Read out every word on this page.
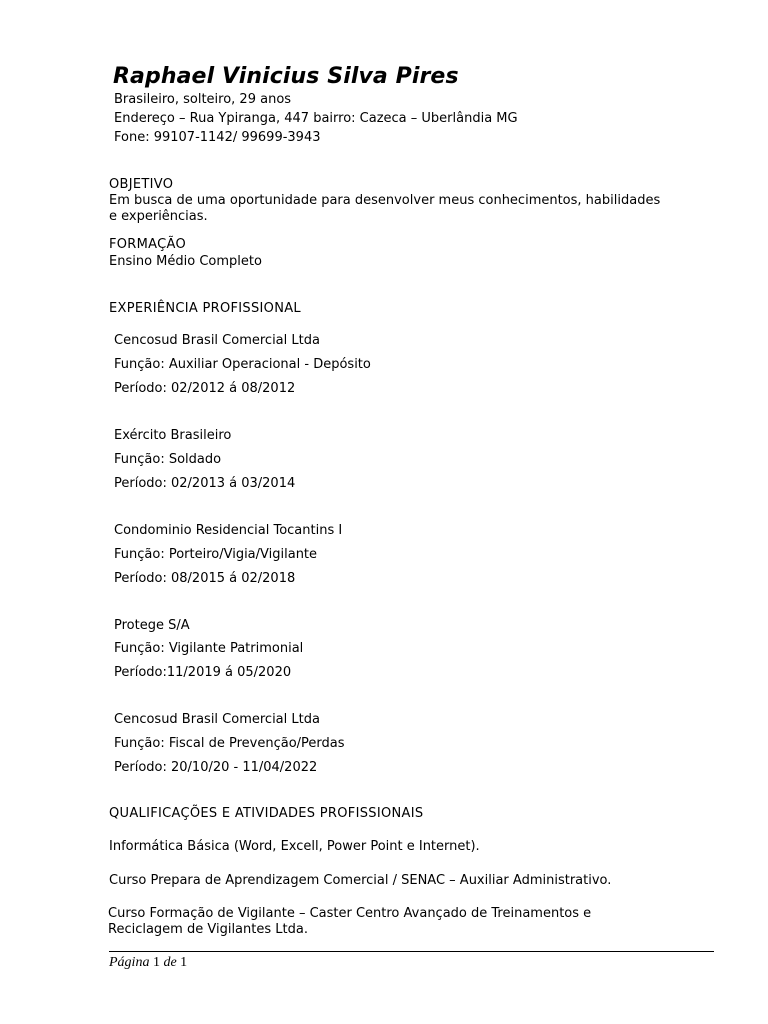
Raphael Vinicius Silva Pires
Brasileiro, solteiro, 29 anos
Endereço – Rua Ypiranga, 447 bairro: Cazeca – Uberlândia MG
Fone: 99107-1142/ 99699-3943
OBJETIVO
Em busca de uma oportunidade para desenvolver meus conhecimentos, habilidades
e experiências.
FORMAÇÃO
Ensino Médio Completo
EXPERIÊNCIA PROFISSIONAL
Cencosud Brasil Comercial Ltda
Função: Auxiliar Operacional - Depósito
Período: 02/2012 á 08/2012
Exército Brasileiro
Função: Soldado
Período: 02/2013 á 03/2014
Condominio Residencial Tocantins I
Função: Porteiro/Vigia/Vigilante
Período: 08/2015 á 02/2018
Protege S/A
Função: Vigilante Patrimonial
Período:11/2019 á 05/2020
Cencosud Brasil Comercial Ltda
Função: Fiscal de Prevenção/Perdas
Período: 20/10/20 - 11/04/2022
QUALIFICAÇÕES E ATIVIDADES PROFISSIONAIS
Informática Básica (Word, Excell, Power Point e Internet).
Curso Prepara de Aprendizagem Comercial / SENAC – Auxiliar Administrativo.
Curso Formação de Vigilante – Caster Centro Avançado de Treinamentos e
Reciclagem de Vigilantes Ltda.
Página 1 de 1
